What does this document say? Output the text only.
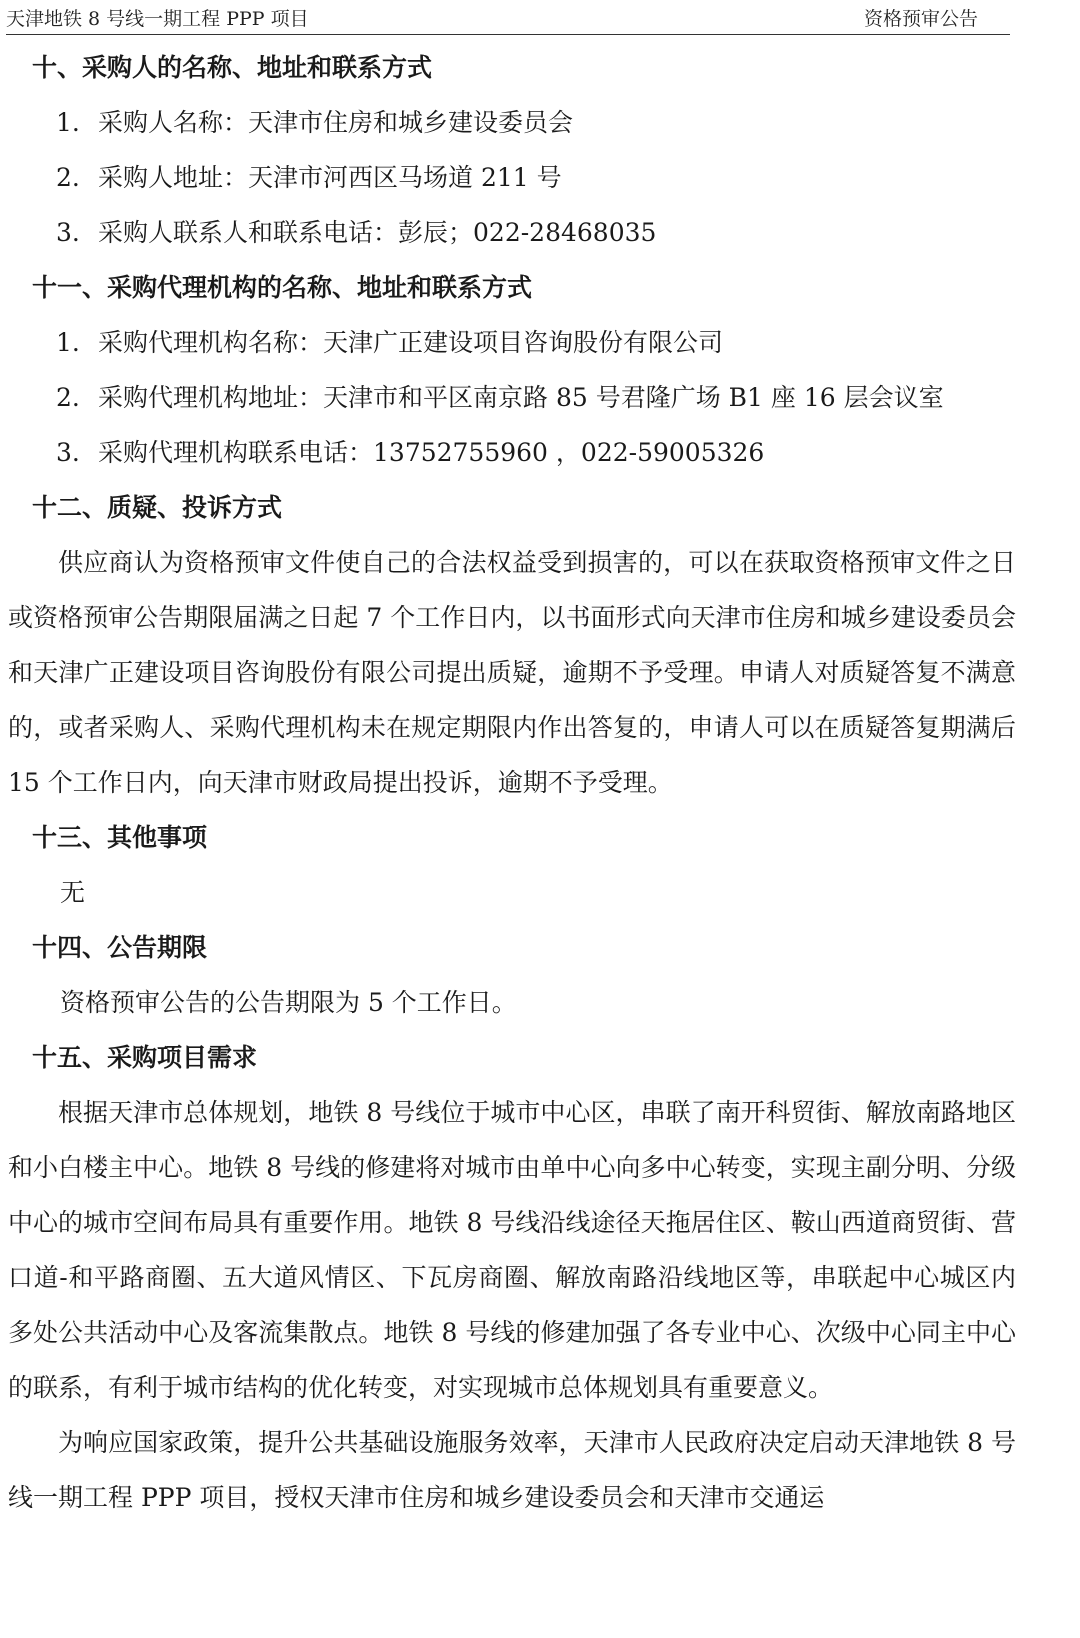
天津地铁 8 号线一期工程 PPP 项目	资格预审公告
十、采购人的名称、地址和联系方式
1. 采购人名称：天津市住房和城乡建设委员会
2. 采购人地址：天津市河西区马场道 211 号
3. 采购人联系人和联系电话：彭辰；022-28468035
十一、采购代理机构的名称、地址和联系方式
1. 采购代理机构名称：天津广正建设项目咨询股份有限公司
2. 采购代理机构地址：天津市和平区南京路 85 号君隆广场 B1 座 16 层会议室
3. 采购代理机构联系电话：13752755960 ，022-59005326
十二、质疑、投诉方式

供应商认为资格预审文件使自己的合法权益受到损害的，可以在获取资格预审文件之日或资格预审公告期限届满之日起 7 个工作日内，以书面形式向天津市住房和城乡建设委员会和天津广正建设项目咨询股份有限公司提出质疑，逾期不予受理。申请人对质疑答复不满意的，或者采购人、采购代理机构未在规定期限内作出答复的，申请人可以在质疑答复期满后 15 个工作日内，向天津市财政局提出投诉，逾期不予受理。

十三、其他事项
无
十四、公告期限
资格预审公告的公告期限为 5 个工作日。
十五、采购项目需求

根据天津市总体规划，地铁 8 号线位于城市中心区，串联了南开科贸街、解放南路地区和小白楼主中心。地铁 8 号线的修建将对城市由单中心向多中心转变，实现主副分明、分级中心的城市空间布局具有重要作用。地铁 8 号线沿线途径天拖居住区、鞍山西道商贸街、营口道-和平路商圈、五大道风情区、下瓦房商圈、解放南路沿线地区等，串联起中心城区内多处公共活动中心及客流集散点。地铁 8 号线的修建加强了各专业中心、次级中心同主中心的联系，有利于城市结构的优化转变，对实现城市总体规划具有重要意义。

为响应国家政策，提升公共基础设施服务效率，天津市人民政府决定启动天津地铁 8 号线一期工程 PPP 项目，授权天津市住房和城乡建设委员会和天津市交通运
